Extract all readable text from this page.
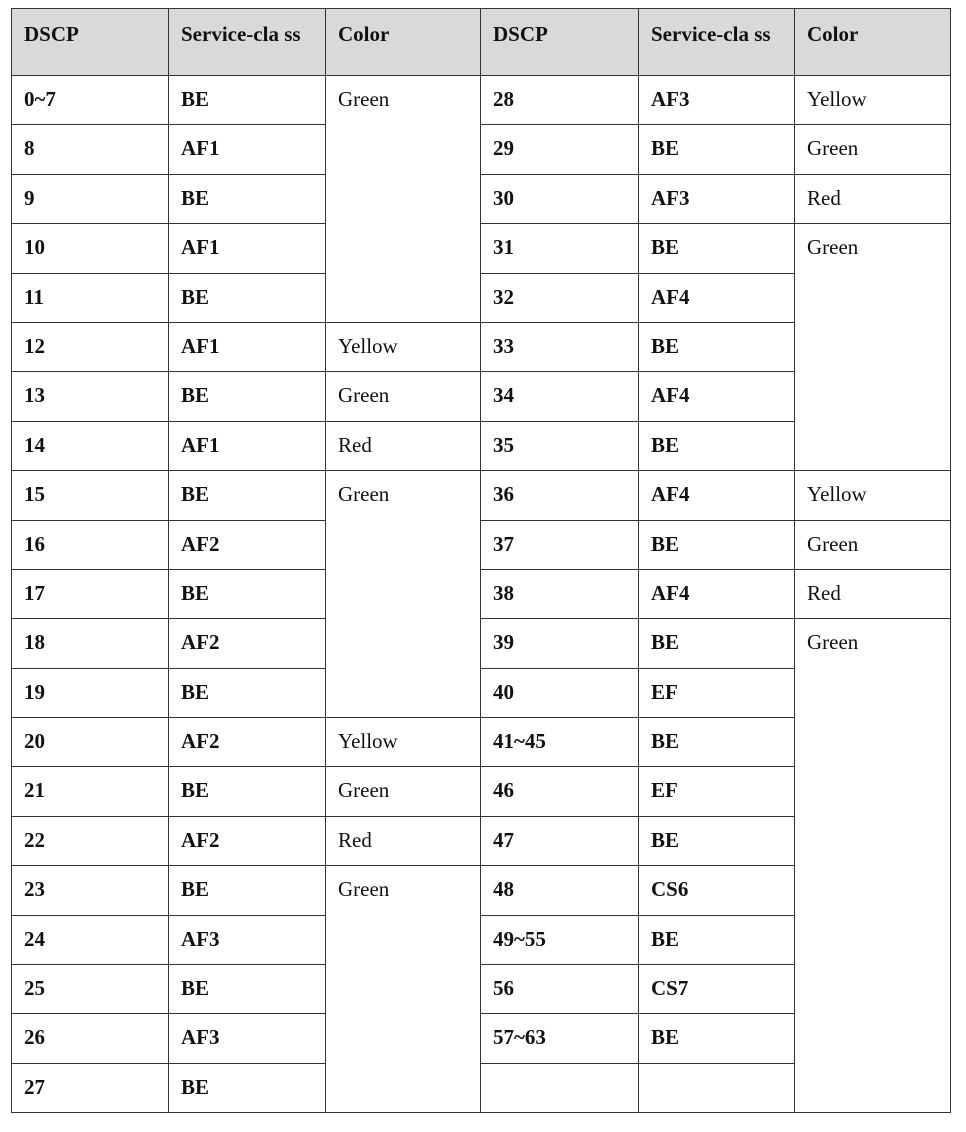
DSCP	Service-cla ss	Color	DSCP	Service-cla ss	Color
0~7	BE	Green	28	AF3	Yellow
8	AF1		29	BE	Green
9	BE		30	AF3	Red
10	AF1		31	BE	Green
11	BE		32	AF4	
12	AF1	Yellow	33	BE	
13	BE	Green	34	AF4	
14	AF1	Red	35	BE	
15	BE	Green	36	AF4	Yellow
16	AF2		37	BE	Green
17	BE		38	AF4	Red
18	AF2		39	BE	Green
19	BE		40	EF	
20	AF2	Yellow	41~45	BE	
21	BE	Green	46	EF	
22	AF2	Red	47	BE	
23	BE	Green	48	CS6	
24	AF3		49~55	BE	
25	BE		56	CS7	
26	AF3		57~63	BE	
27	BE				
